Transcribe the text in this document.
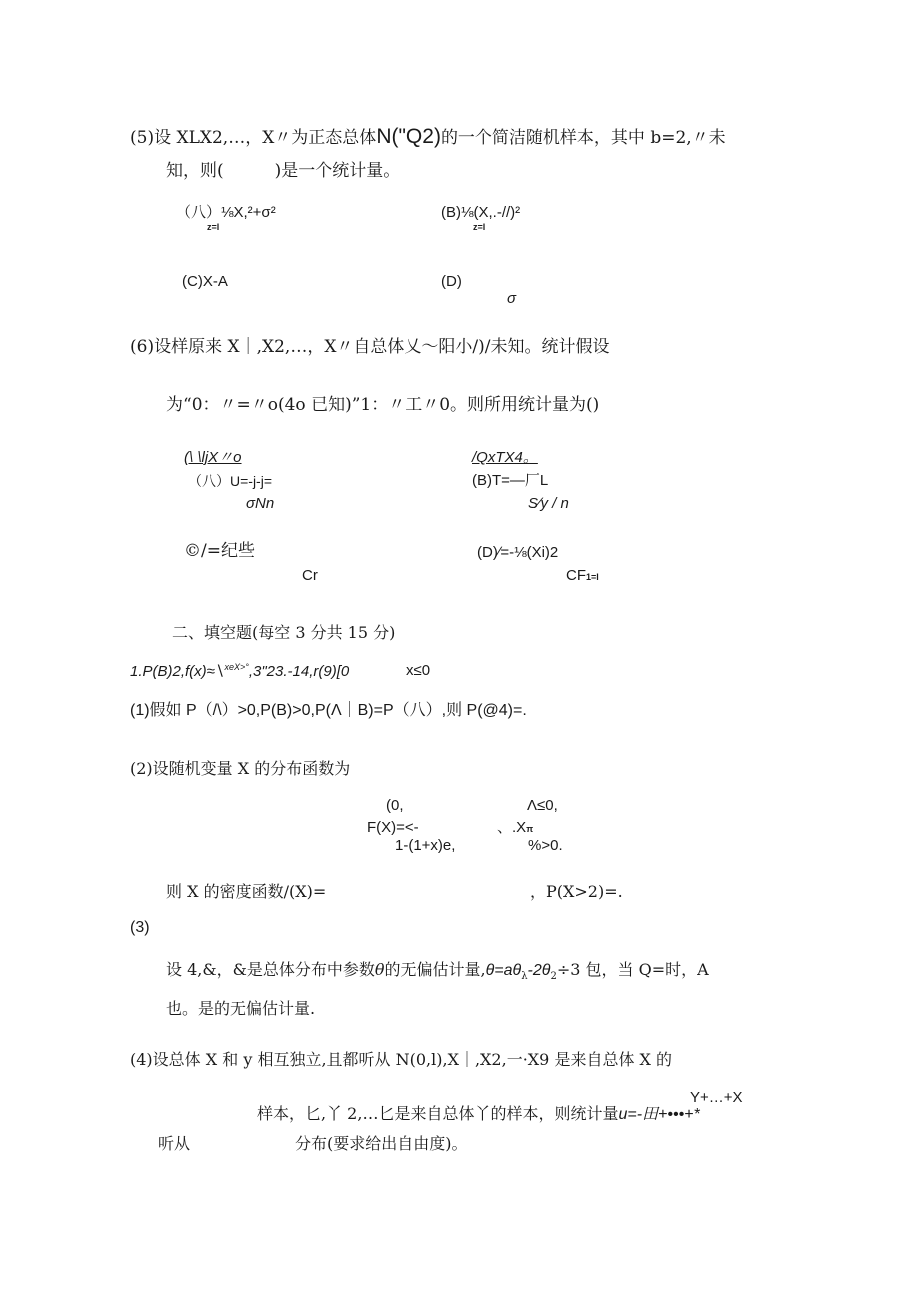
(5)设 XLX2,…，X〃为正态总体N("Q2)的一个简洁随机样本，其中 b=2,〃未
知，则(　　　)是一个统计量。
（八）⅛X,²+σ²
z=l
(B)⅛(X,.-//)²
z=l
(C)X-A	(D)
σ
(6)设样原来 X｜,X2,…，X〃自总体乂～阳小/)/未知。统计假设
为“0：〃=〃o(4o 已知)”1：〃工〃0。则所用统计量为()
(\ \ljX〃o
（八）U=-j-j=
σNn
/QxTX4。
(B)T=—厂L
S∕y / n
©/=纪些
Cr
(D)∕=-⅛(Xi)2
CF1=l
二、填空题(每空 3 分共 15 分)
1.P(B)2,f(x)≈∖$^{xeX>^\circ}$,3"23.-14,r(9)[0	x≤0
(1)假如 P（/\）>0,P(B)>0,P(Λ｜B)=P（八）,则 P(@4)=.
(2)设随机变量 X 的分布函数为
(0,	Λ≤0,
F(X)=<-	、.Xπ
1-(1+x)e,	%>0.
则 X 的密度函数/(X)=	，P(X>2)=.
(3)
设 4,&，&是总体分布中参数θ的无偏估计量$,\theta=a\theta_\lambda-2\theta_2\div 3$ 包，当 Q=时，A
也。是的无偏估计量.
(4)设总体 X 和 y 相互独立,且都听从 N(0,l),X｜,X2,一·X9 是来自总体 X 的
Y+…+X
样本，匕,丫 2,…匕是来自总体丫的样本，则统计量u=-田+•••+*
听从	分布(要求给出自由度)。
